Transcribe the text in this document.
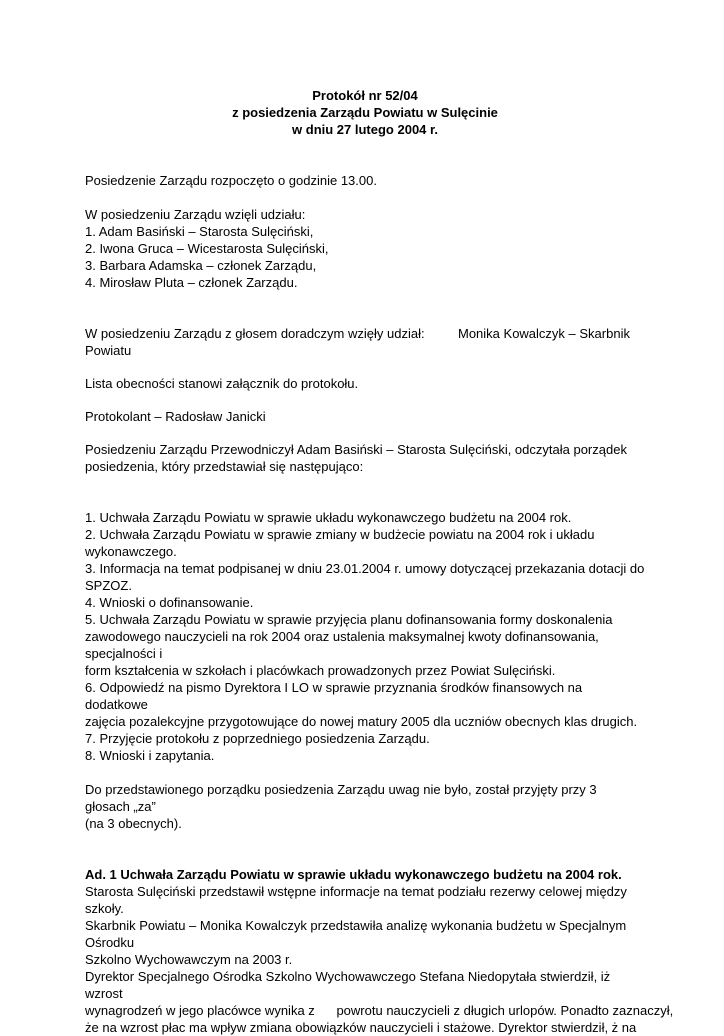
Protokół nr 52/04
z posiedzenia Zarządu Powiatu w Sulęcinie
w dniu 27 lutego 2004 r.

Posiedzenie Zarządu rozpoczęto o godzinie 13.00.

W posiedzeniu Zarządu wzięli udziału:

1. Adam Basiński – Starosta Sulęciński,

2. Iwona Gruca – Wicestarosta Sulęciński,

3. Barbara Adamska – członek Zarządu,

4. Mirosław Pluta – członek Zarządu.

W posiedzeniu Zarządu z głosem doradczym wzięły udział:	Monika Kowalczyk – Skarbnik

Powiatu

Lista obecności stanowi załącznik do protokołu.

Protokolant – Radosław Janicki

Posiedzeniu Zarządu Przewodniczył Adam Basiński – Starosta Sulęciński, odczytała porządek

posiedzenia, który przedstawiał się następująco:

1. Uchwała Zarządu Powiatu w sprawie układu wykonawczego budżetu na 2004 rok.

2. Uchwała Zarządu Powiatu w sprawie zmiany w budżecie powiatu na 2004 rok i układu

wykonawczego.

3. Informacja na temat podpisanej w dniu 23.01.2004 r. umowy dotyczącej przekazania dotacji do

SPZOZ.

4. Wnioski o dofinansowanie.

5. Uchwała Zarządu Powiatu w sprawie przyjęcia planu dofinansowania formy doskonalenia

zawodowego nauczycieli na rok 2004 oraz ustalenia maksymalnej kwoty dofinansowania, specjalności i

form kształcenia w szkołach i placówkach prowadzonych przez Powiat Sulęciński.

6. Odpowiedź na pismo Dyrektora I LO w sprawie przyznania środków finansowych na dodatkowe

zajęcia pozalekcyjne przygotowujące do nowej matury 2005 dla uczniów obecnych klas drugich.

7. Przyjęcie protokołu z poprzedniego posiedzenia Zarządu.

8. Wnioski i zapytania.

Do przedstawionego porządku posiedzenia Zarządu uwag nie było, został przyjęty przy 3 głosach „za”

(na 3 obecnych).

Ad. 1 Uchwała Zarządu Powiatu w sprawie układu wykonawczego budżetu na 2004 rok.

Starosta Sulęciński przedstawił wstępne informacje na temat podziału rezerwy celowej między szkoły.

Skarbnik Powiatu – Monika Kowalczyk przedstawiła analizę wykonania budżetu w Specjalnym Ośrodku

Szkolno Wychowawczym na 2003 r.

Dyrektor Specjalnego Ośrodka Szkolno Wychowawczego Stefana Niedopytała stwierdził, iż wzrost

wynagrodzeń w jego placówce wynika z      powrotu nauczycieli z długich urlopów. Ponadto zaznaczył,

że na wzrost płac ma wpływ zmiana obowiązków nauczycieli i stażowe. Dyrektor stwierdził, ż na
